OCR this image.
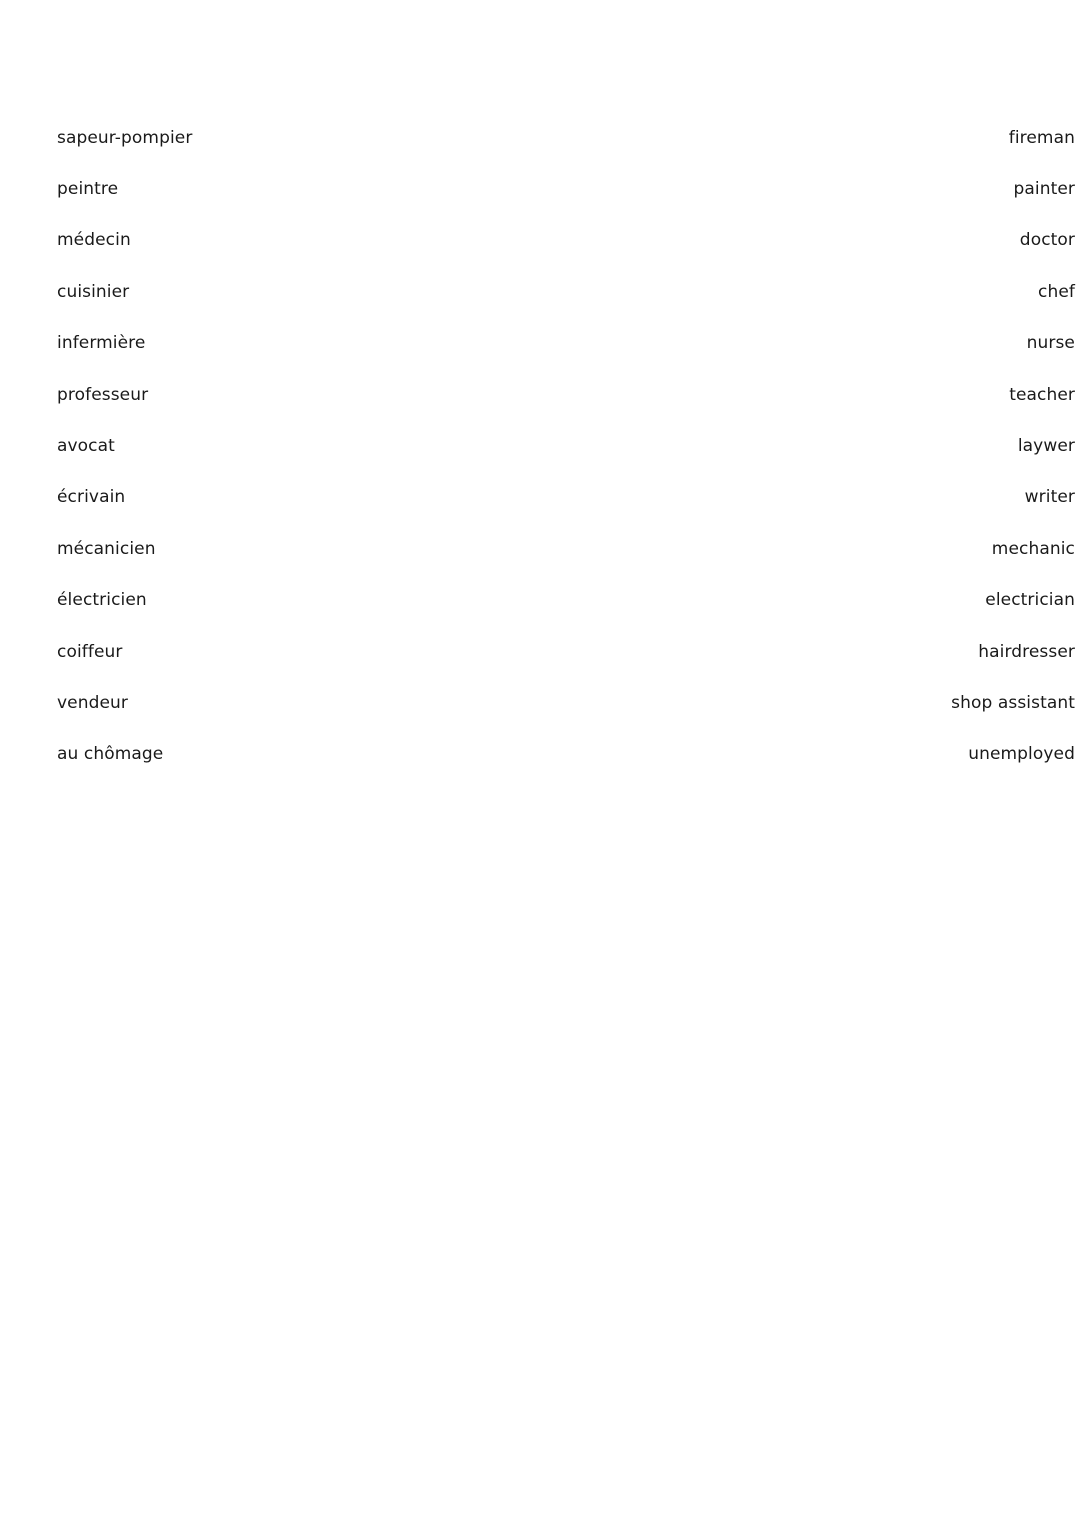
sapeur-pompier	fireman
peintre	painter
médecin	doctor
cuisinier	chef
infermière	nurse
professeur	teacher
avocat	laywer
écrivain	writer
mécanicien	mechanic
électricien	electrician
coiffeur	hairdresser
vendeur	shop assistant
au chômage	unemployed
